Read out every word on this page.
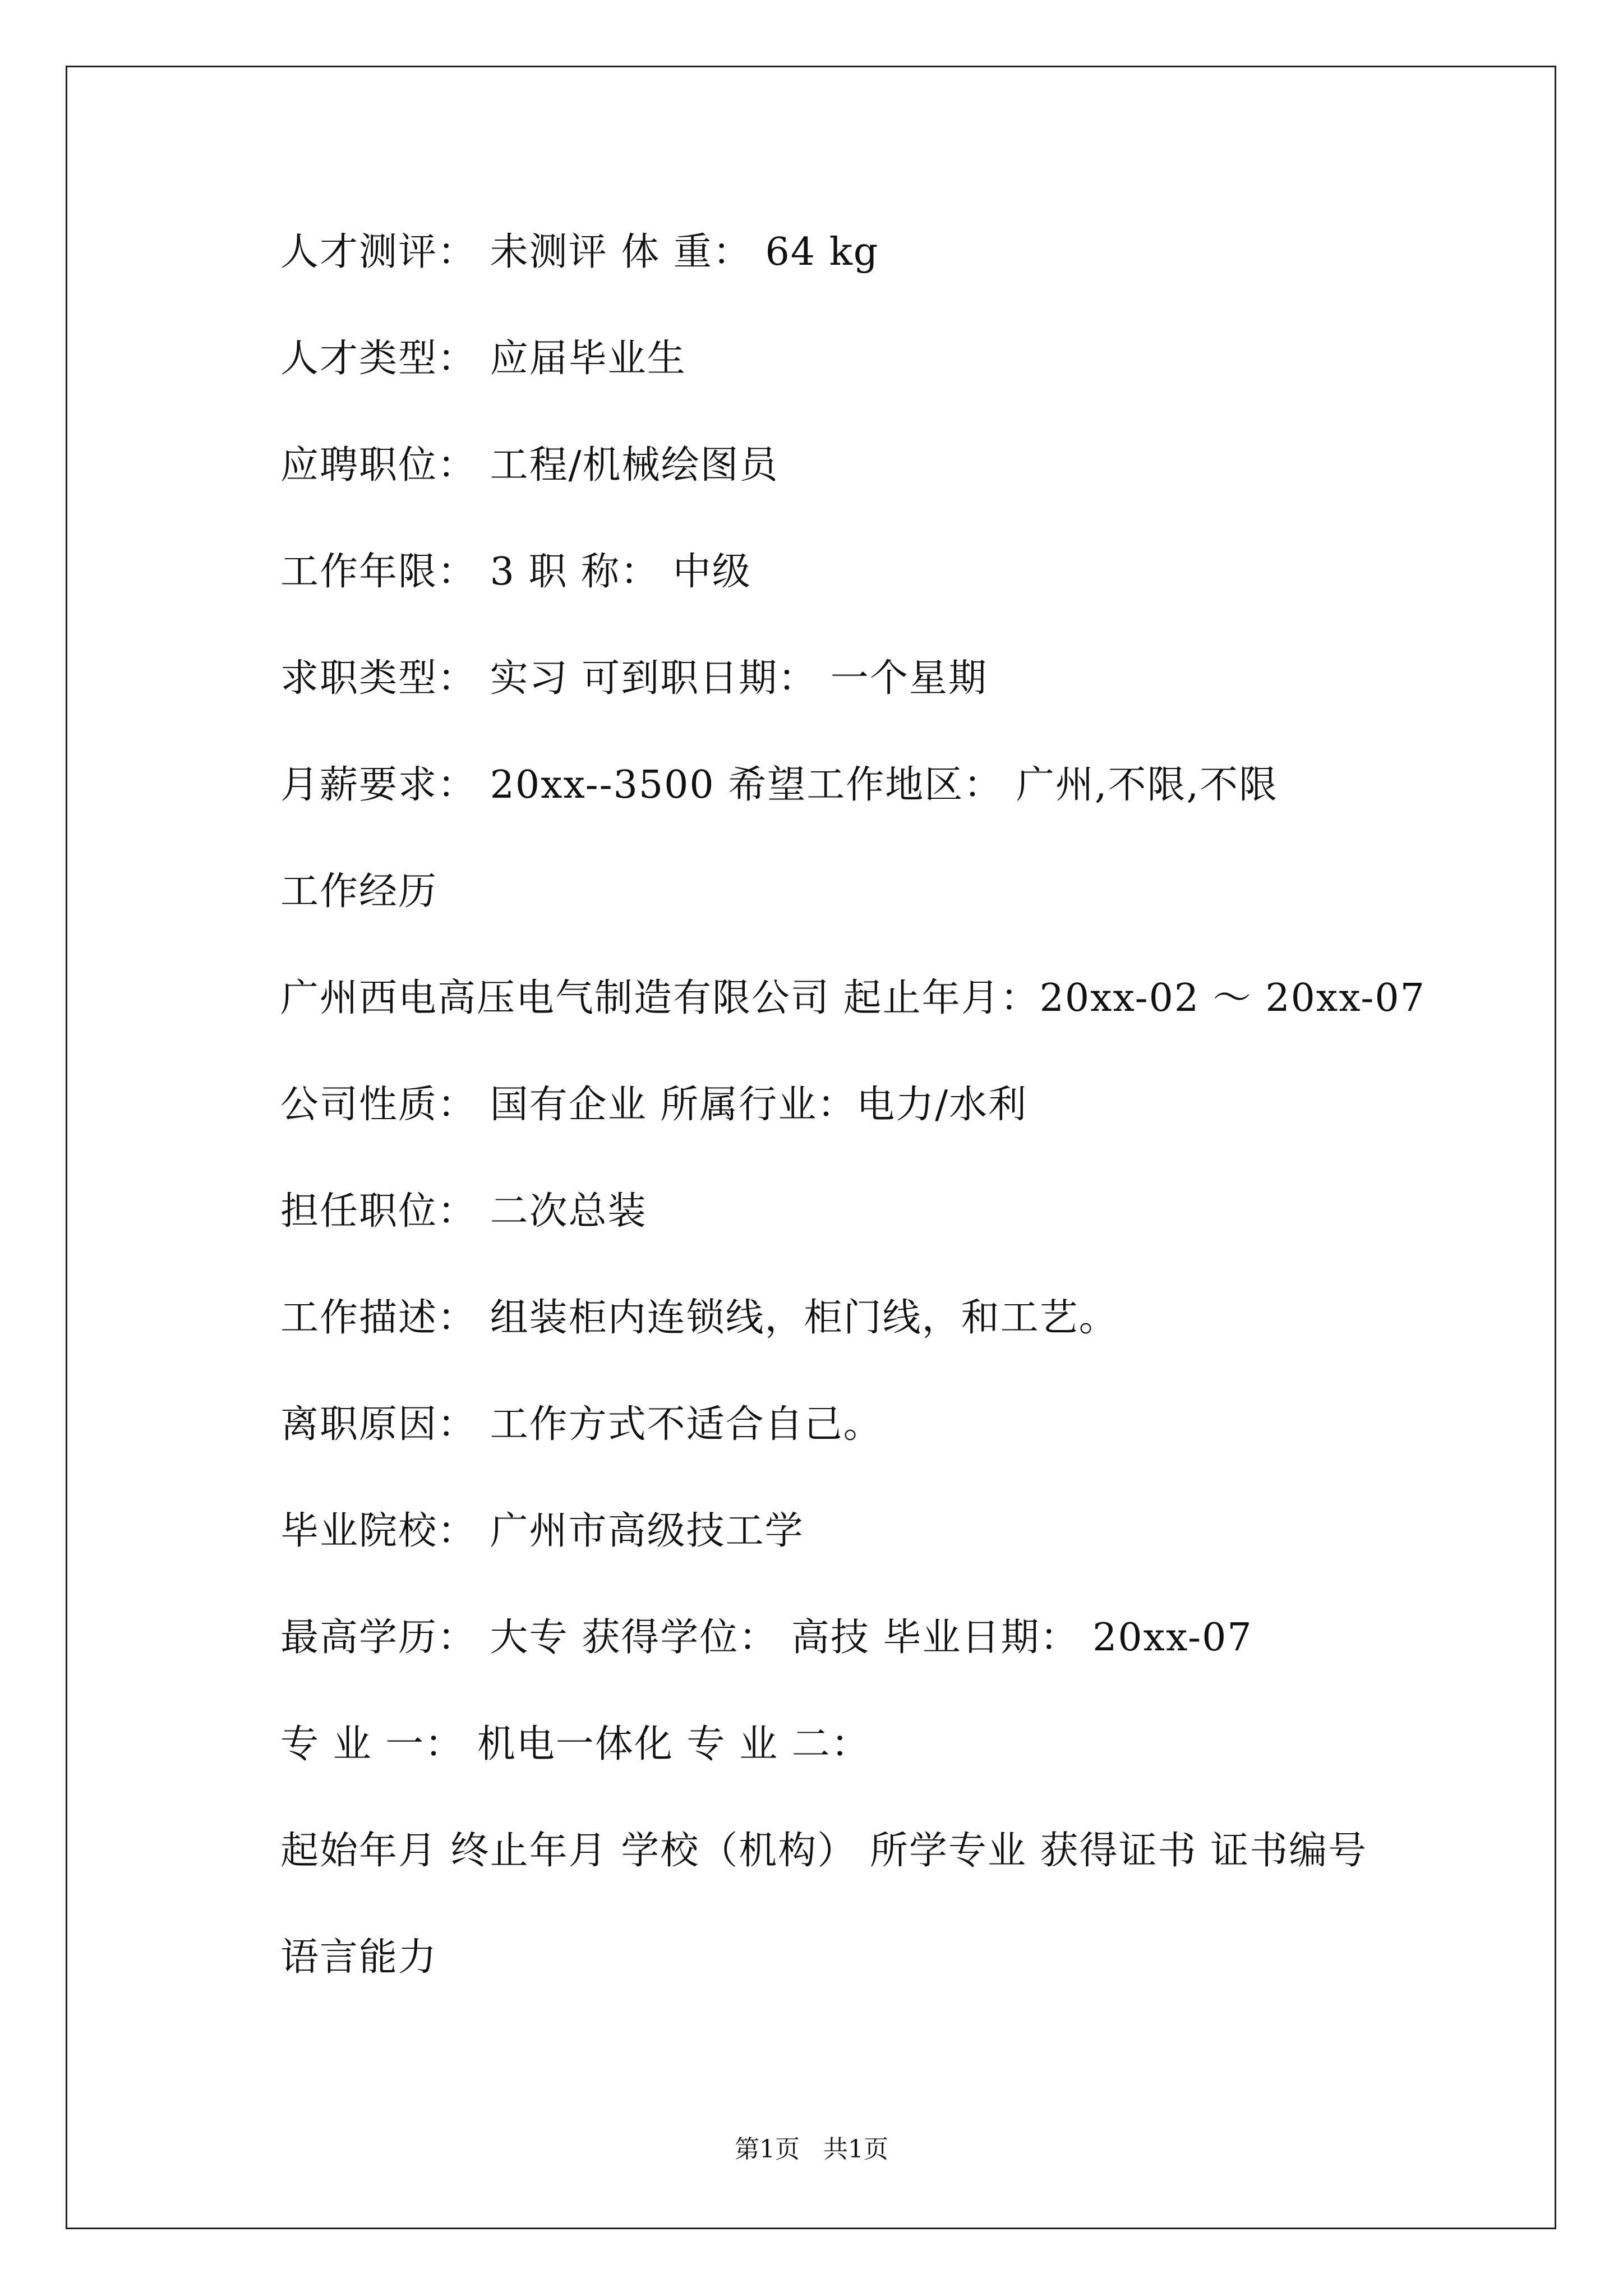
人才测评： 未测评 体 重： 64 kg
人才类型： 应届毕业生
应聘职位： 工程/机械绘图员
工作年限： 3 职 称： 中级
求职类型： 实习 可到职日期： 一个星期
月薪要求： 20xx--3500 希望工作地区： 广州,不限,不限
工作经历
广州西电高压电气制造有限公司 起止年月：20xx-02 ～ 20xx-07
公司性质： 国有企业 所属行业：电力/水利
担任职位： 二次总装
工作描述： 组装柜内连锁线，柜门线，和工艺。
离职原因： 工作方式不适合自己。
毕业院校： 广州市高级技工学
最高学历： 大专 获得学位： 高技 毕业日期： 20xx-07
专 业 一： 机电一体化 专 业 二：
起始年月 终止年月 学校（机构） 所学专业 获得证书 证书编号
语言能力
第1页   共1页
